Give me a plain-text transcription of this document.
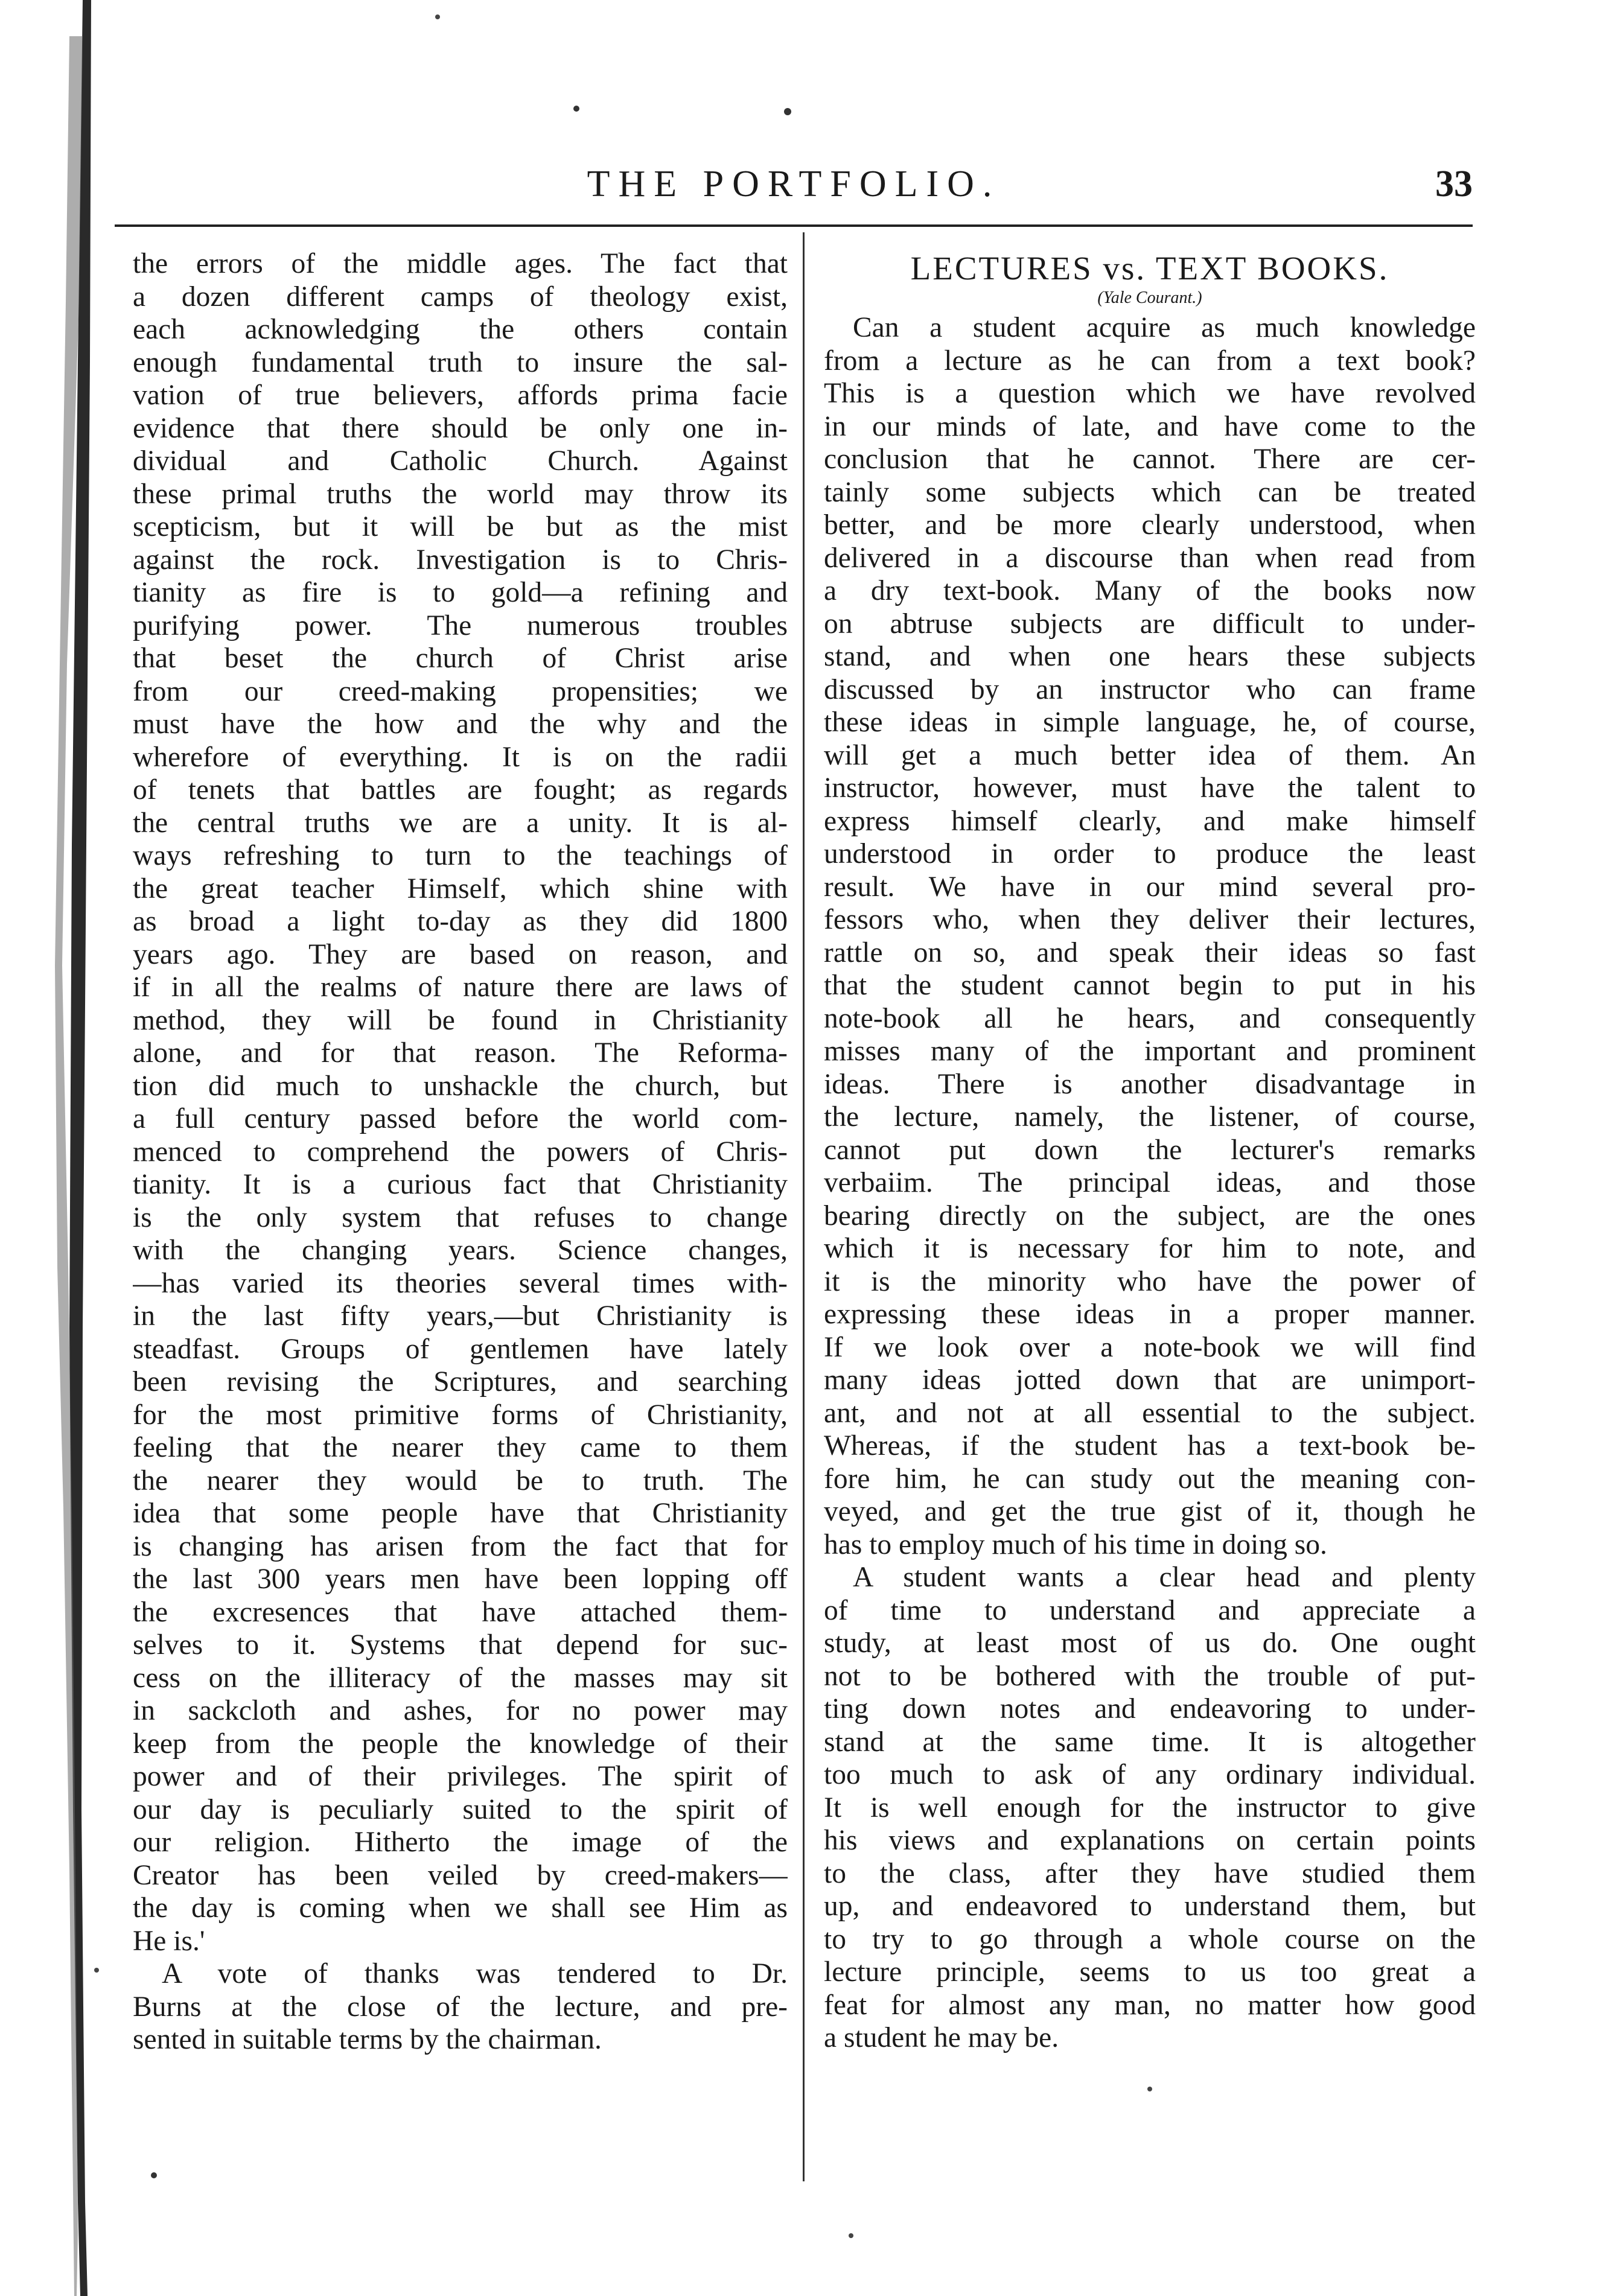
THE PORTFOLIO.	33
the errors of the middle ages. The fact that
a dozen different camps of theology exist,
each acknowledging the others contain
enough fundamental truth to insure the sal-
vation of true believers, affords prima facie
evidence that there should be only one in-
dividual and Catholic Church. Against
these primal truths the world may throw its
scepticism, but it will be but as the mist
against the rock. Investigation is to Chris-
tianity as fire is to gold—a refining and
purifying power. The numerous troubles
that beset the church of Christ arise
from our creed-making propensities; we
must have the how and the why and the
wherefore of everything. It is on the radii
of tenets that battles are fought; as regards
the central truths we are a unity. It is al-
ways refreshing to turn to the teachings of
the great teacher Himself, which shine with
as broad a light to-day as they did 1800
years ago. They are based on reason, and
if in all the realms of nature there are laws of
method, they will be found in Christianity
alone, and for that reason. The Reforma-
tion did much to unshackle the church, but
a full century passed before the world com-
menced to comprehend the powers of Chris-
tianity. It is a curious fact that Christianity
is the only system that refuses to change
with the changing years. Science changes,
—has varied its theories several times with-
in the last fifty years,—but Christianity is
steadfast. Groups of gentlemen have lately
been revising the Scriptures, and searching
for the most primitive forms of Christianity,
feeling that the nearer they came to them
the nearer they would be to truth. The
idea that some people have that Christianity
is changing has arisen from the fact that for
the last 300 years men have been lopping off
the excresences that have attached them-
selves to it. Systems that depend for suc-
cess on the illiteracy of the masses may sit
in sackcloth and ashes, for no power may
keep from the people the knowledge of their
power and of their privileges. The spirit of
our day is peculiarly suited to the spirit of
our religion. Hitherto the image of the
Creator has been veiled by creed-makers—
the day is coming when we shall see Him as
He is.'
A vote of thanks was tendered to Dr.
Burns at the close of the lecture, and pre-
sented in suitable terms by the chairman.
LECTURES vs. TEXT BOOKS.
(Yale Courant.)
Can a student acquire as much knowledge
from a lecture as he can from a text book?
This is a question which we have revolved
in our minds of late, and have come to the
conclusion that he cannot. There are cer-
tainly some subjects which can be treated
better, and be more clearly understood, when
delivered in a discourse than when read from
a dry text-book. Many of the books now
on abtruse subjects are difficult to under-
stand, and when one hears these subjects
discussed by an instructor who can frame
these ideas in simple language, he, of course,
will get a much better idea of them. An
instructor, however, must have the talent to
express himself clearly, and make himself
understood in order to produce the least
result. We have in our mind several pro-
fessors who, when they deliver their lectures,
rattle on so, and speak their ideas so fast
that the student cannot begin to put in his
note-book all he hears, and consequently
misses many of the important and prominent
ideas. There is another disadvantage in
the lecture, namely, the listener, of course,
cannot put down the lecturer's remarks
verbaiim. The principal ideas, and those
bearing directly on the subject, are the ones
which it is necessary for him to note, and
it is the minority who have the power of
expressing these ideas in a proper manner.
If we look over a note-book we will find
many ideas jotted down that are unimport-
ant, and not at all essential to the subject.
Whereas, if the student has a text-book be-
fore him, he can study out the meaning con-
veyed, and get the true gist of it, though he
has to employ much of his time in doing so.
A student wants a clear head and plenty
of time to understand and appreciate a
study, at least most of us do. One ought
not to be bothered with the trouble of put-
ting down notes and endeavoring to under-
stand at the same time. It is altogether
too much to ask of any ordinary individual.
It is well enough for the instructor to give
his views and explanations on certain points
to the class, after they have studied them
up, and endeavored to understand them, but
to try to go through a whole course on the
lecture principle, seems to us too great a
feat for almost any man, no matter how good
a student he may be.
